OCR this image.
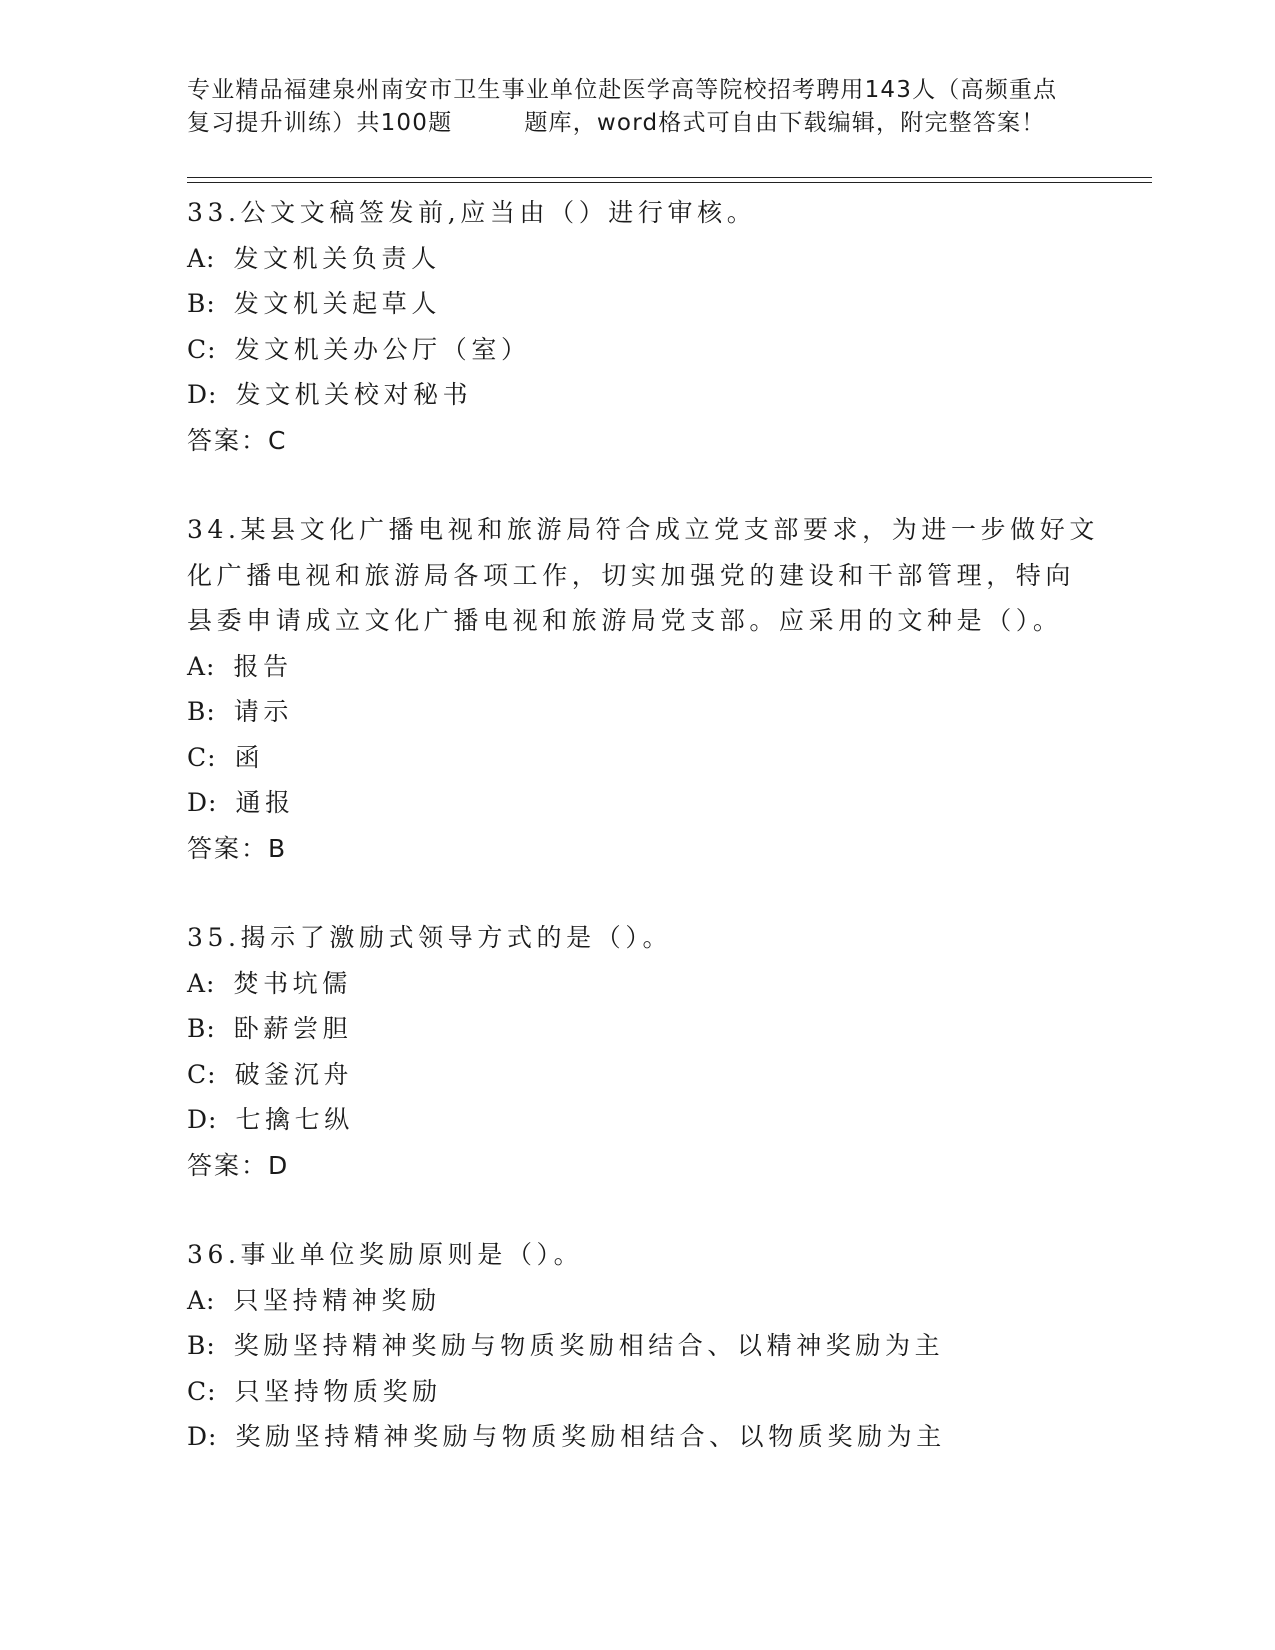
专业精品福建泉州南安市卫生事业单位赴医学高等院校招考聘用143人（高频重点
复习提升训练）共100题	题库，word格式可自由下载编辑，附完整答案！
33.公文文稿签发前,应当由（）进行审核。
A: 发文机关负责人
B: 发文机关起草人
C: 发文机关办公厅（室）
D: 发文机关校对秘书
答案：C
34.某县文化广播电视和旅游局符合成立党支部要求，为进一步做好文
化广播电视和旅游局各项工作，切实加强党的建设和干部管理，特向
县委申请成立文化广播电视和旅游局党支部。应采用的文种是（）。
A: 报告
B: 请示
C: 函
D: 通报
答案：B
35.揭示了激励式领导方式的是（）。
A: 焚书坑儒
B: 卧薪尝胆
C: 破釜沉舟
D: 七擒七纵
答案：D
36.事业单位奖励原则是（）。
A: 只坚持精神奖励
B: 奖励坚持精神奖励与物质奖励相结合、以精神奖励为主
C: 只坚持物质奖励
D: 奖励坚持精神奖励与物质奖励相结合、以物质奖励为主
